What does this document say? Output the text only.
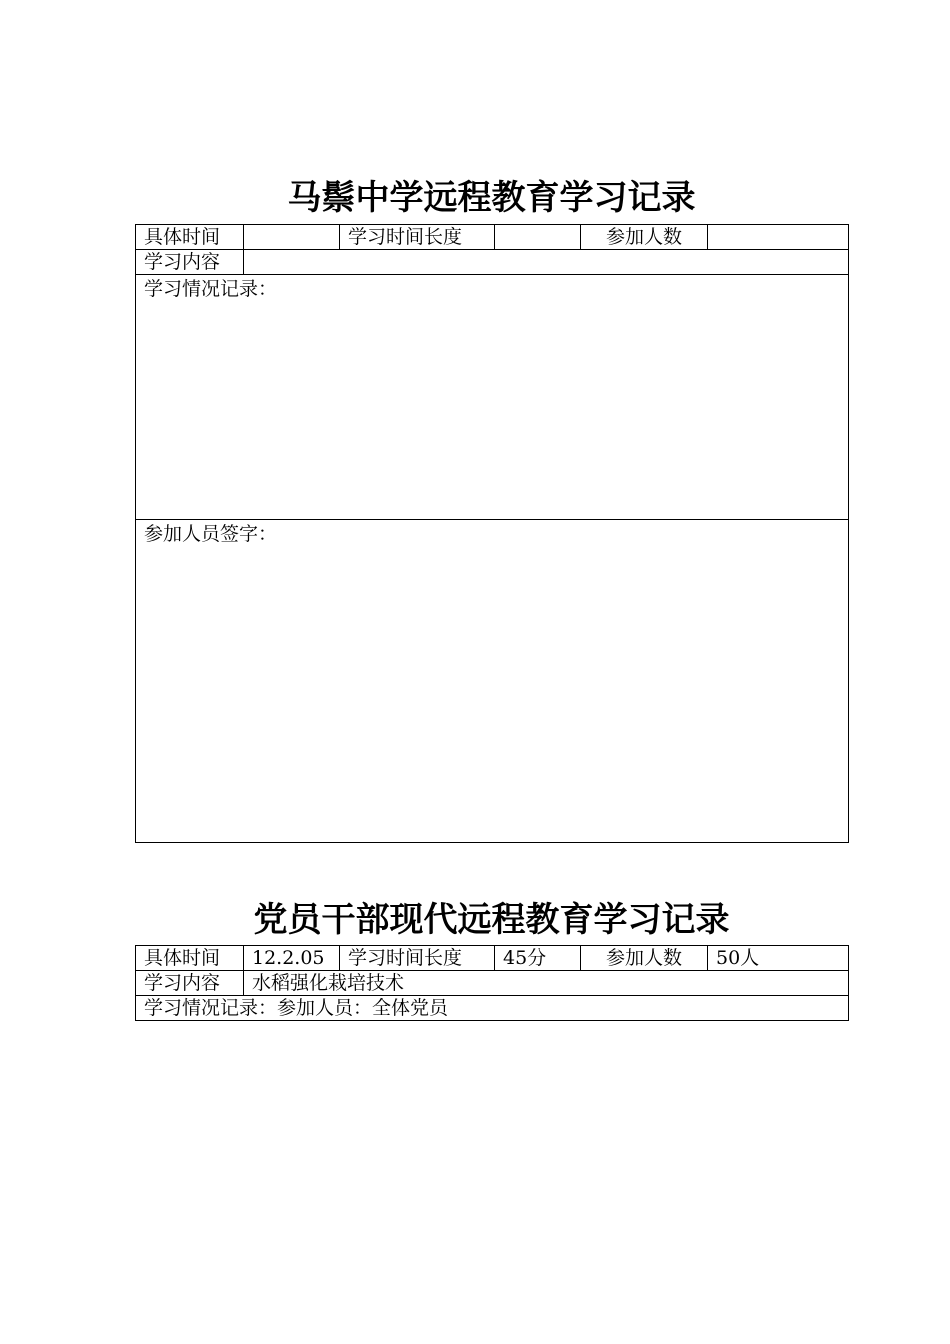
马鬃中学远程教育学习记录
具体时间		学习时间长度		参加人数	
学习内容					
学习情况记录：					
参加人员签字：					
党员干部现代远程教育学习记录
具体时间	12.2.05	学习时间长度	45分	参加人数	50人
学习内容	水稻强化栽培技术				
学习情况记录：参加人员：全体党员					
